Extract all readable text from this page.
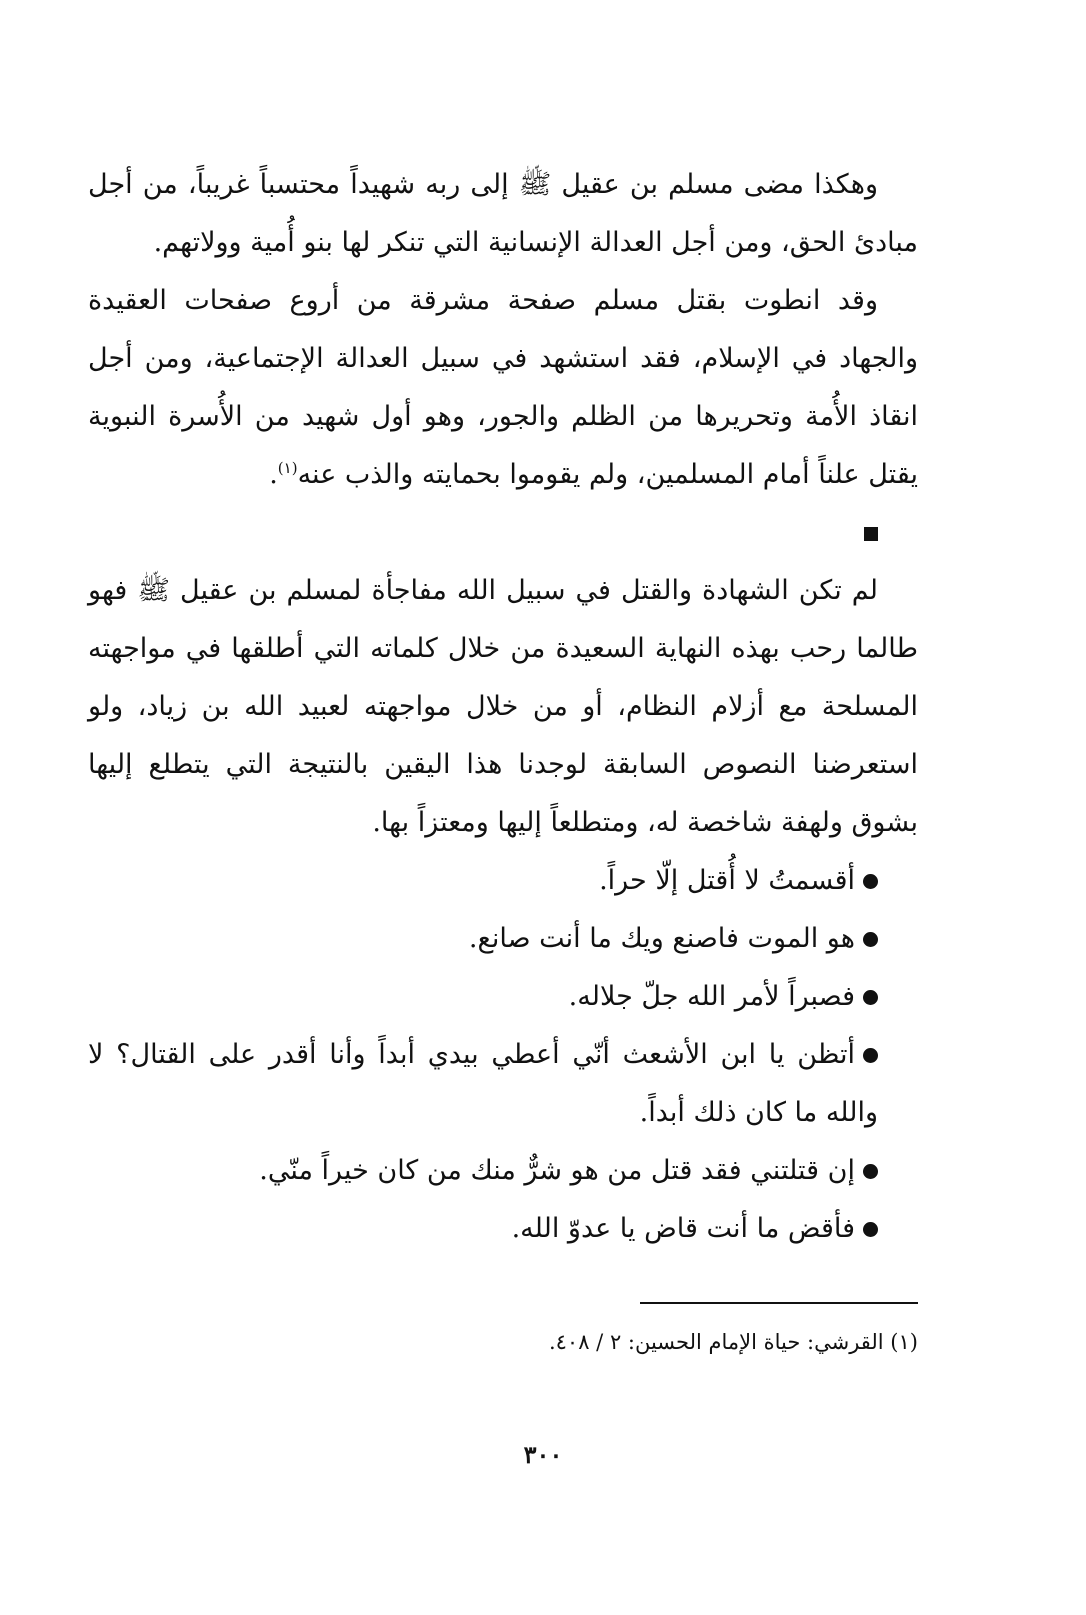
وهكذا مضى مسلم بن عقيل ﷺ إلى ربه شهيداً محتسباً غريباً، من أجل مبادئ الحق، ومن أجل العدالة الإنسانية التي تنكر لها بنو أُمية وولاتهم.

وقد انطوت بقتل مسلم صفحة مشرقة من أروع صفحات العقيدة والجهاد في الإسلام، فقد استشهد في سبيل العدالة الإجتماعية، ومن أجل انقاذ الأُمة وتحريرها من الظلم والجور، وهو أول شهيد من الأُسرة النبوية يقتل علناً أمام المسلمين، ولم يقوموا بحمايته والذب عنه$^{(١)}$.

لم تكن الشهادة والقتل في سبيل الله مفاجأة لمسلم بن عقيل ﷺ فهو طالما رحب بهذه النهاية السعيدة من خلال كلماته التي أطلقها في مواجهته المسلحة مع أزلام النظام، أو من خلال مواجهته لعبيد الله بن زياد، ولو استعرضنا النصوص السابقة لوجدنا هذا اليقين بالنتيجة التي يتطلع إليها بشوق ولهفة شاخصة له، ومتطلعاً إليها ومعتزاً بها.

أقسمتُ لا أُقتل إلّا حراً.

هو الموت فاصنع ويك ما أنت صانع.

فصبراً لأمر الله جلّ جلاله.

أتظن يا ابن الأشعث أنّي أعطي بيدي أبداً وأنا أقدر على القتال؟ لا والله ما كان ذلك أبداً.

إن قتلتني فقد قتل من هو شرٌّ منك من كان خيراً منّي.

فأقض ما أنت قاض يا عدوّ الله.

(١) القرشي: حياة الإمام الحسين: ٢ / ٤٠٨.
٣٠٠
